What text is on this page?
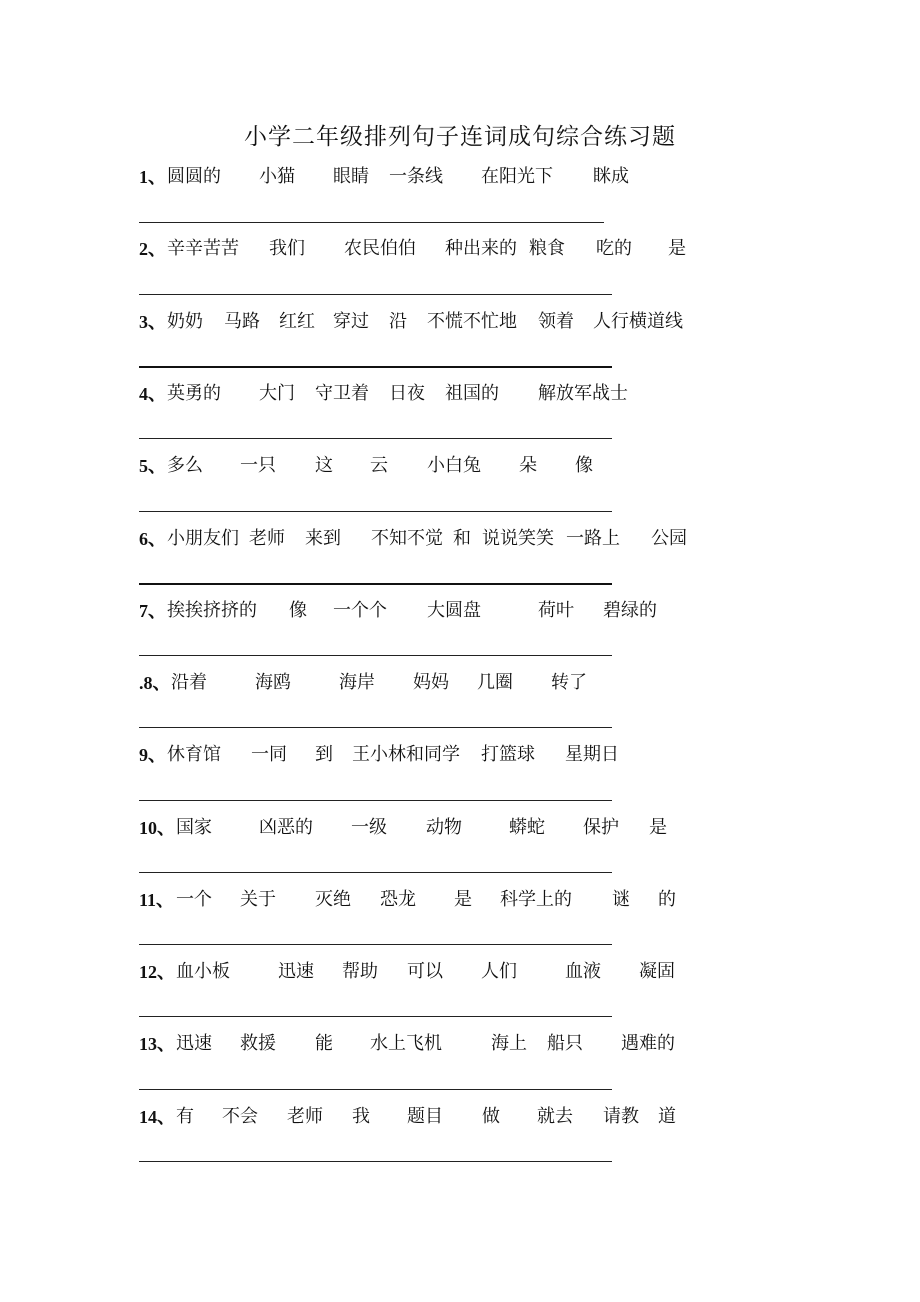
小学二年级排列句子连词成句综合练习题
1、 圆圆的 小猫 眼睛 一条线 在阳光下 眯成
2、 辛辛苦苦 我们 农民伯伯 种出来的 粮食 吃的 是
3、 奶奶 马路 红红 穿过 沿 不慌不忙地 领着 人行横道线
4、 英勇的 大门 守卫着 日夜 祖国的 解放军战士
5、 多么 一只 这 云 小白兔 朵 像
6、 小朋友们 老师 来到 不知不觉 和 说说笑笑 一路上 公园
7、 挨挨挤挤的 像 一个个 大圆盘	荷叶 碧绿的
.8、 沿着	海鸥	海岸 妈妈 几圈 转了
9、 休育馆 一同 到 王小林和同学 打篮球 星期日
10、 国家	凶恶的 一级 动物	蟒蛇 保护 是
11、 一个 关于 灭绝 恐龙 是 科学上的 谜 的
12、 血小板	迅速 帮助 可以 人们	血液 凝固
13、 迅速 救援 能 水上飞机	海上 船只 遇难的
14、 有 不会 老师 我 题目 做 就去 请教 道
